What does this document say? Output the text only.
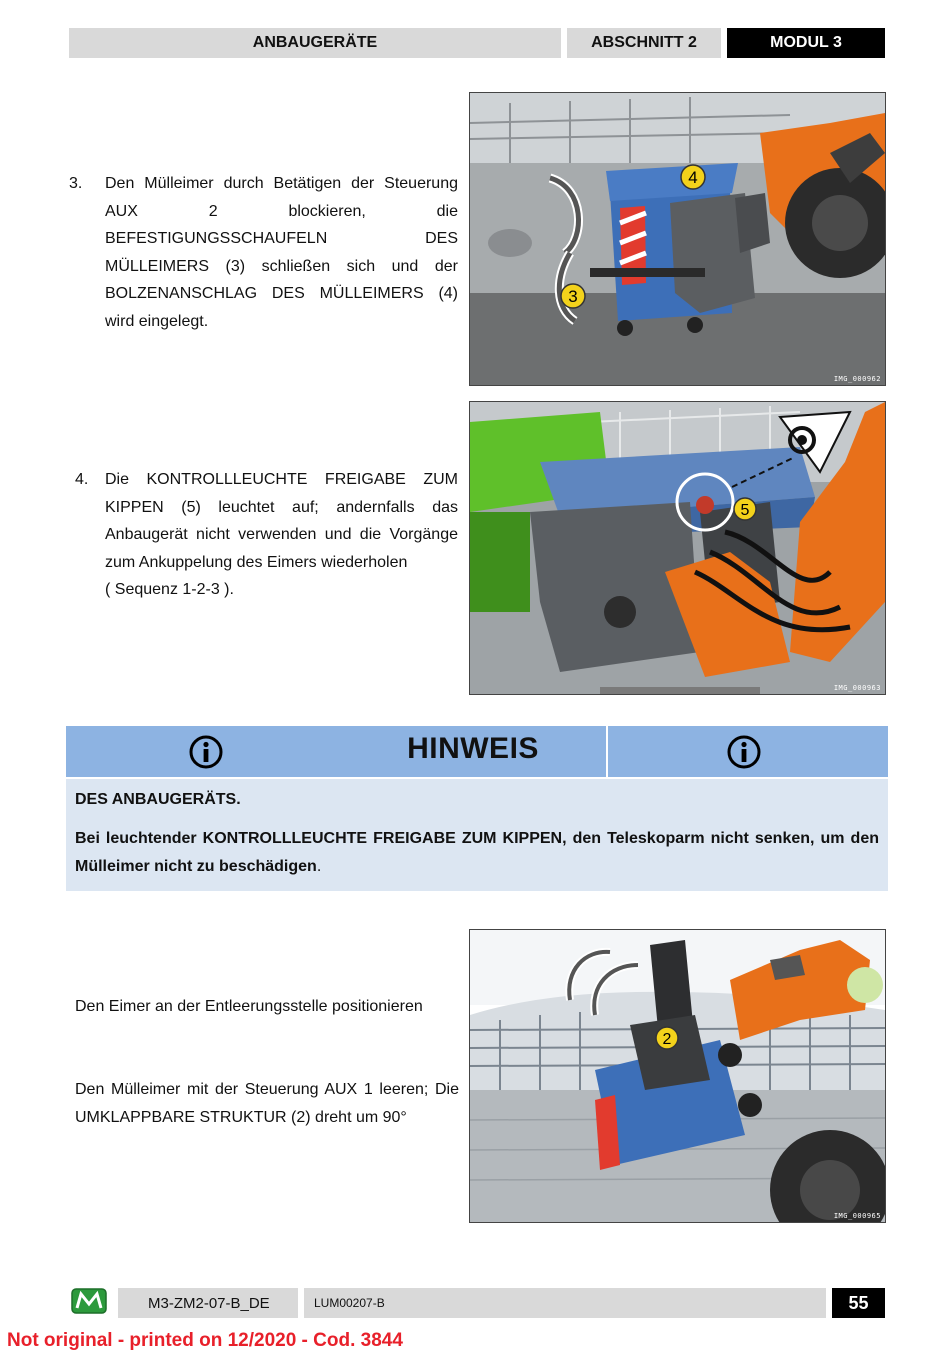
ANBAUGERÄTE	ABSCHNITT 2	MODUL 3
3. Den Mülleimer durch Betätigen der Steuerung AUX 2 blockieren, die BEFESTIGUNGSSCHAUFELN DES MÜLLEIMERS (3) schließen sich und der BOLZENANSCHLAG DES MÜLLEIMERS (4) wird eingelegt.
4
3
IMG_000962
4. Die KONTROLLLEUCHTE FREIGABE ZUM KIPPEN (5) leuchtet auf; andernfalls das Anbaugerät nicht verwenden und die Vorgänge zum Ankuppelung des Eimers wiederholen
( Sequenz 1-2-3 ).
5
IMG_000963
HINWEIS
DES ANBAUGERÄTS.
Bei leuchtender KONTROLLLEUCHTE FREIGABE ZUM KIPPEN, den Teleskoparm nicht senken, um den Mülleimer nicht zu beschädigen.
Den Eimer an der Entleerungsstelle positionieren
Den Mülleimer mit der Steuerung AUX 1 leeren; Die UMKLAPPBARE STRUKTUR (2) dreht um 90°
2
IMG_000965
M3-ZM2-07-B_DE	LUM00207-B	55
Not original - printed on 12/2020 - Cod. 3844
